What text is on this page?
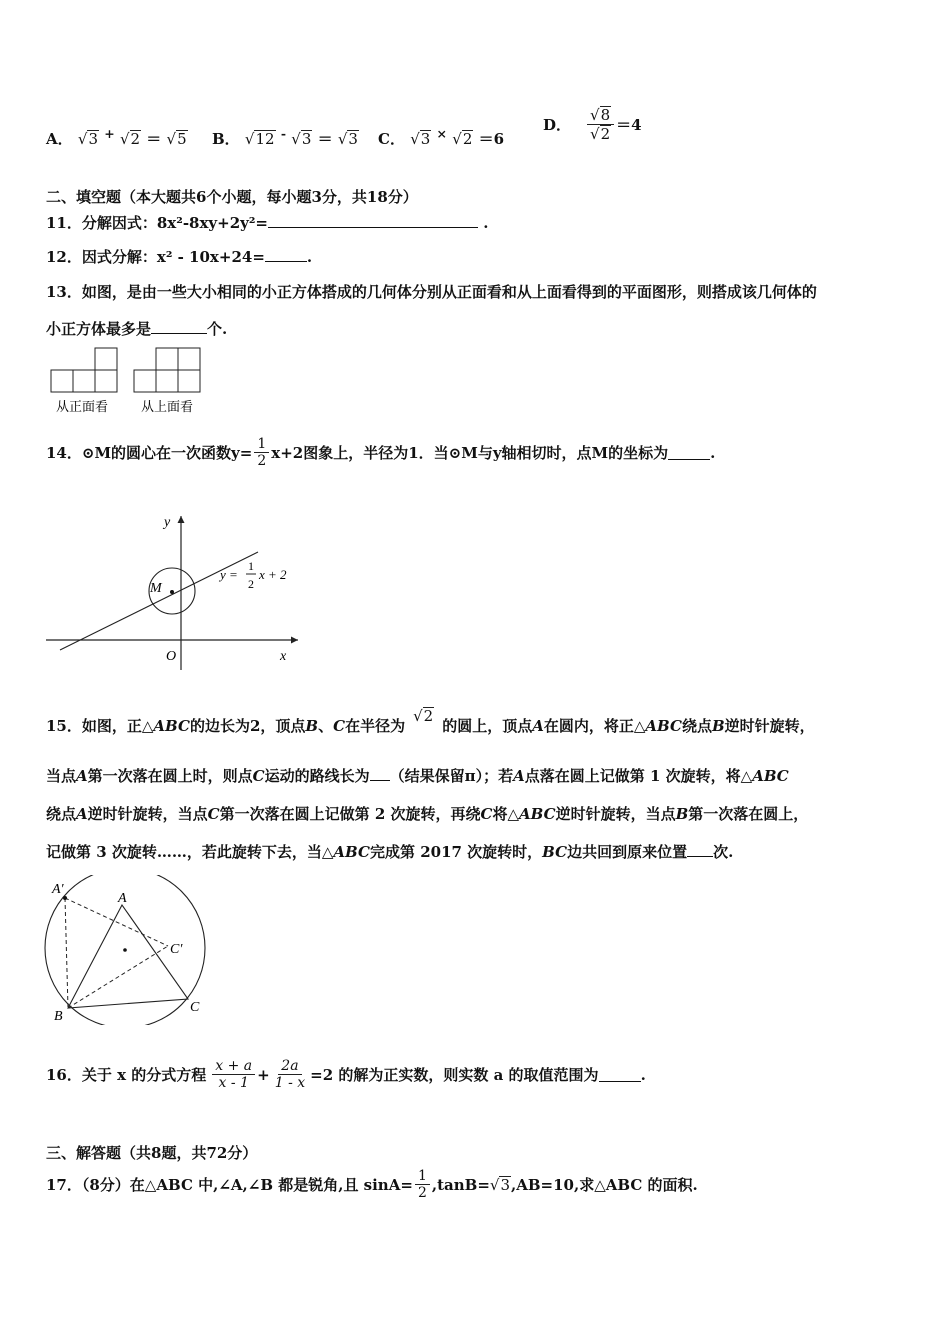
A． √3 + √2 ＝ √5 B． √12 - √3 ＝ √3 C． √3 × √2 ＝6
D． $\frac{√8}{√2} =4$
二、填空题（本大题共6个小题，每小题3分，共18分）
11．分解因式：8x²-8xy+2y²=	.
12．因式分解：x² - 10x+24=	.
13．如图，是由一些大小相同的小正方体搭成的几何体分别从正面看和从上面看得到的平面图形，则搭成该几何体的
小正方体最多是	个.
从正面看	从上面看
14．⊙M的圆心在一次函数$y= \frac{1}{2} x+2$图象上，半径为1．当⊙M与y轴相切时，点M的坐标为	.
y
x
O
M
y =
1
2
x + 2
15．如图，正△ ABC 的边长为2，顶点 B 、 C 在半径为
√2
的圆上，顶点 A 在圆内，将正△ ABC 绕点 B 逆时针旋转，
当点A第一次落在圆上时，则点C运动的路线长为 （结果保留π）；若A点落在圆上记做第 1 次旋转，将△ABC
绕点A逆时针旋转，当点C第一次落在圆上记做第 2 次旋转，再绕C将△ABC逆时针旋转，当点B第一次落在圆上，
记做第 3 次旋转……，若此旋转下去，当△ABC完成第 2017 次旋转时，BC边共回到原来位置 次.
A′
A
C′
B
C
16．关于 x 的分式方程 $\frac{x + a}{x - 1} + \frac{2a}{1 - x} =2$ 的解为正实数，则实数 a 的取值范围为	.
三、解答题（共8题，共72分）
17．（8分）在△ABC 中,∠A,∠B 都是锐角,且 $\sin A= \frac{1}{2} ,\tan B= √3$ ,AB=10,求△ABC 的面积.
